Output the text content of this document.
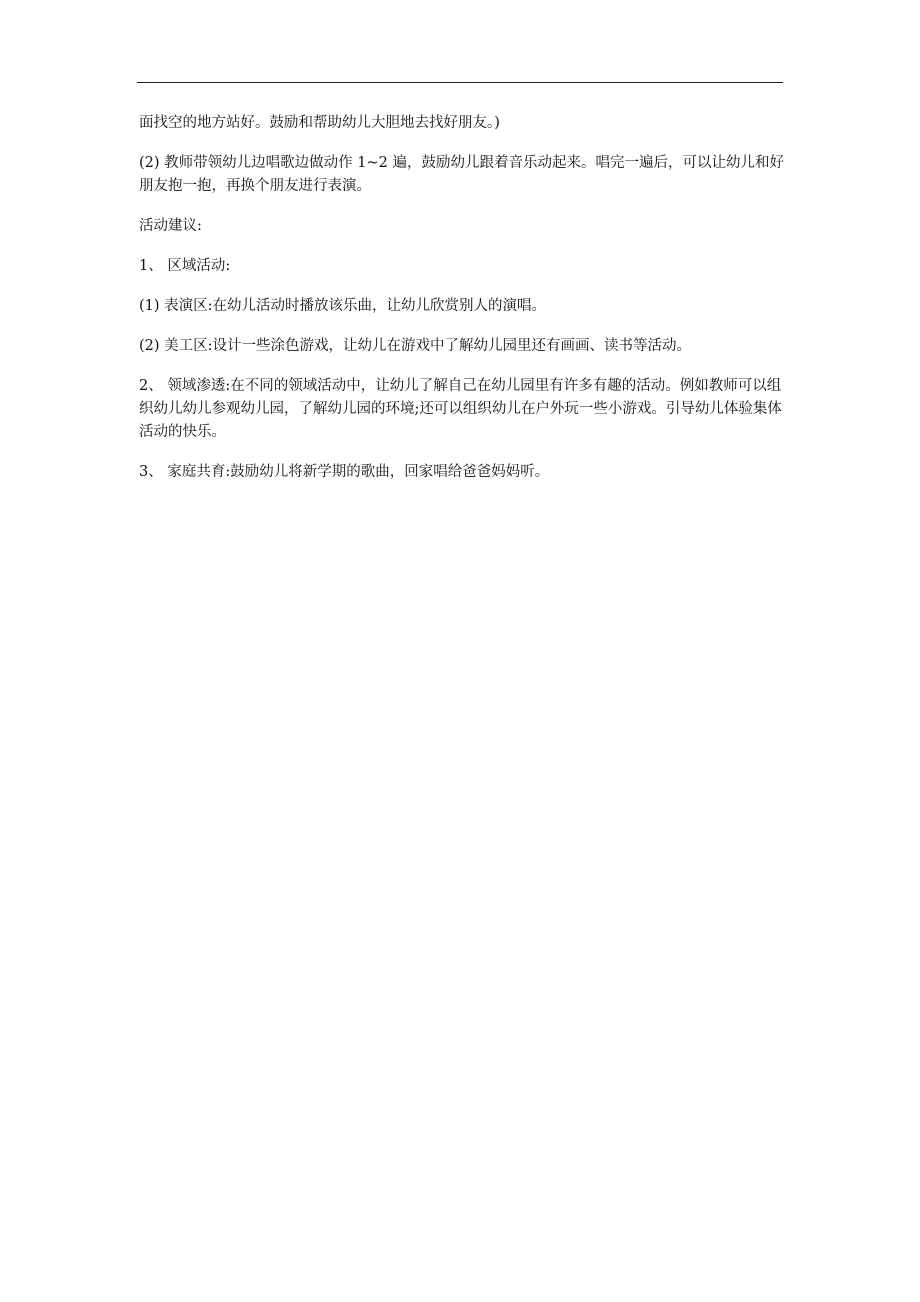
面找空的地方站好。鼓励和帮助幼儿大胆地去找好朋友。)

(2) 教师带领幼儿边唱歌边做动作 1~2 遍，鼓励幼儿跟着音乐动起来。唱完一遍后，可以让幼儿和好朋友抱一抱，再换个朋友进行表演。

活动建议:

1、 区域活动:

(1) 表演区:在幼儿活动时播放该乐曲，让幼儿欣赏别人的演唱。

(2) 美工区:设计一些涂色游戏，让幼儿在游戏中了解幼儿园里还有画画、读书等活动。

2、 领域渗透:在不同的领域活动中，让幼儿了解自己在幼儿园里有许多有趣的活动。例如教师可以组织幼儿幼儿参观幼儿园，了解幼儿园的环境;还可以组织幼儿在户外玩一些小游戏。引导幼儿体验集体活动的快乐。

3、 家庭共育:鼓励幼儿将新学期的歌曲，回家唱给爸爸妈妈听。
